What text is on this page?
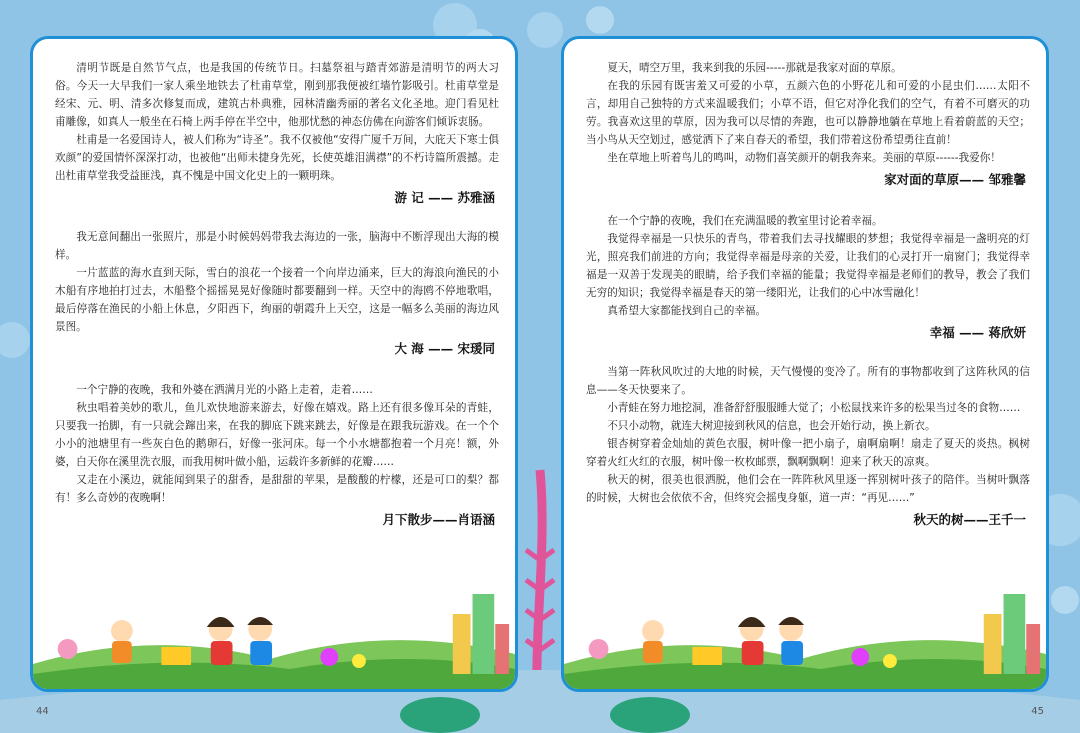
清明节既是自然节气点，也是我国的传统节日。扫墓祭祖与踏青郊游是清明节的两大习俗。今天一大早我们一家人乘坐地铁去了杜甫草堂，刚到那我便被红墙竹影吸引。杜甫草堂是经宋、元、明、清多次修复而成，建筑古朴典雅，园林清幽秀丽的著名文化圣地。迎门看见杜甫雕像，如真人一般坐在石椅上两手停在半空中，他那忧愁的神态仿佛在向游客们倾诉衷肠。

杜甫是一名爱国诗人，被人们称为“诗圣”。我不仅被他“安得广厦千万间，大庇天下寒士俱欢颜”的爱国情怀深深打动，也被他“出师未捷身先死，长使英雄泪满襟”的不朽诗篇所震撼。走出杜甫草堂我受益匪浅，真不愧是中国文化史上的一颗明珠。

游 记 —— 苏雅涵

我无意间翻出一张照片，那是小时候妈妈带我去海边的一张，脑海中不断浮现出大海的模样。

一片蓝蓝的海水直到天际，雪白的浪花一个接着一个向岸边涌来，巨大的海浪向渔民的小木船有序地拍打过去，木船整个摇摇晃晃好像随时都要翻到一样。天空中的海鸥不停地歌唱，最后停落在渔民的小船上休息，夕阳西下，绚丽的朝霞升上天空，这是一幅多么美丽的海边风景图。

大 海 —— 宋瑗同

一个宁静的夜晚，我和外婆在洒满月光的小路上走着，走着……

秋虫唱着美妙的歌儿，鱼儿欢快地游来游去，好像在嬉戏。路上还有很多像耳朵的青蛙，只要我一抬脚，有一只就会蹿出来，在我的脚底下跳来跳去，好像是在跟我玩游戏。在一个个小小的池塘里有一些灰白色的鹅卵石，好像一张河床。每一个小水塘都抱着一个月亮！额，外婆，白天你在溪里洗衣服，而我用树叶做小船，运载许多新鲜的花瓣……

又走在小溪边，就能闻到果子的甜香，是甜甜的苹果，是酸酸的柠檬，还是可口的梨？都有！多么奇妙的夜晚啊！

月下散步——肖语涵

夏天，晴空万里，我来到我的乐园-----那就是我家对面的草原。

在我的乐园有既害羞又可爱的小草，五颜六色的小野花儿和可爱的小昆虫们……太阳不言，却用自己独特的方式来温暖我们；小草不语，但它对净化我们的空气，有着不可磨灭的功劳。我喜欢这里的草原，因为我可以尽情的奔跑，也可以静静地躺在草地上看着蔚蓝的天空；当小鸟从天空划过，感觉洒下了来自春天的希望，我们带着这份希望勇往直前！

坐在草地上听着鸟儿的鸣叫，动物们喜笑颜开的朝我奔来。美丽的草原------我爱你！

家对面的草原—— 邹雅馨

在一个宁静的夜晚，我们在充满温暖的教室里讨论着幸福。

我觉得幸福是一只快乐的青鸟，带着我们去寻找耀眼的梦想；我觉得幸福是一盏明亮的灯光，照亮我们前进的方向；我觉得幸福是母亲的关爱，让我们的心灵打开一扇窗门；我觉得幸福是一双善于发现美的眼睛，给予我们幸福的能量；我觉得幸福是老师们的教导，教会了我们无穷的知识；我觉得幸福是春天的第一缕阳光，让我们的心中冰雪融化！

真希望大家都能找到自己的幸福。

幸福 —— 蒋欣妍

当第一阵秋风吹过的大地的时候，天气慢慢的变冷了。所有的事物都收到了这阵秋风的信息——冬天快要来了。

小青蛙在努力地挖洞，准备舒舒服服睡大觉了；小松鼠找来许多的松果当过冬的食物……

不只小动物，就连大树迎接到秋风的信息，也会开始行动，换上新衣。

银杏树穿着金灿灿的黄色衣服，树叶像一把小扇子，扇啊扇啊！扇走了夏天的炎热。枫树穿着火红火红的衣服，树叶像一枚枚邮票，飘啊飘啊！迎来了秋天的凉爽。

秋天的树，很美也很洒脱，他们会在一阵阵秋风里逐一挥别树叶孩子的陪伴。当树叶飘落的时候，大树也会依依不舍，但终究会摇曳身躯，道一声：“再见……”

秋天的树——王千一
44	45
